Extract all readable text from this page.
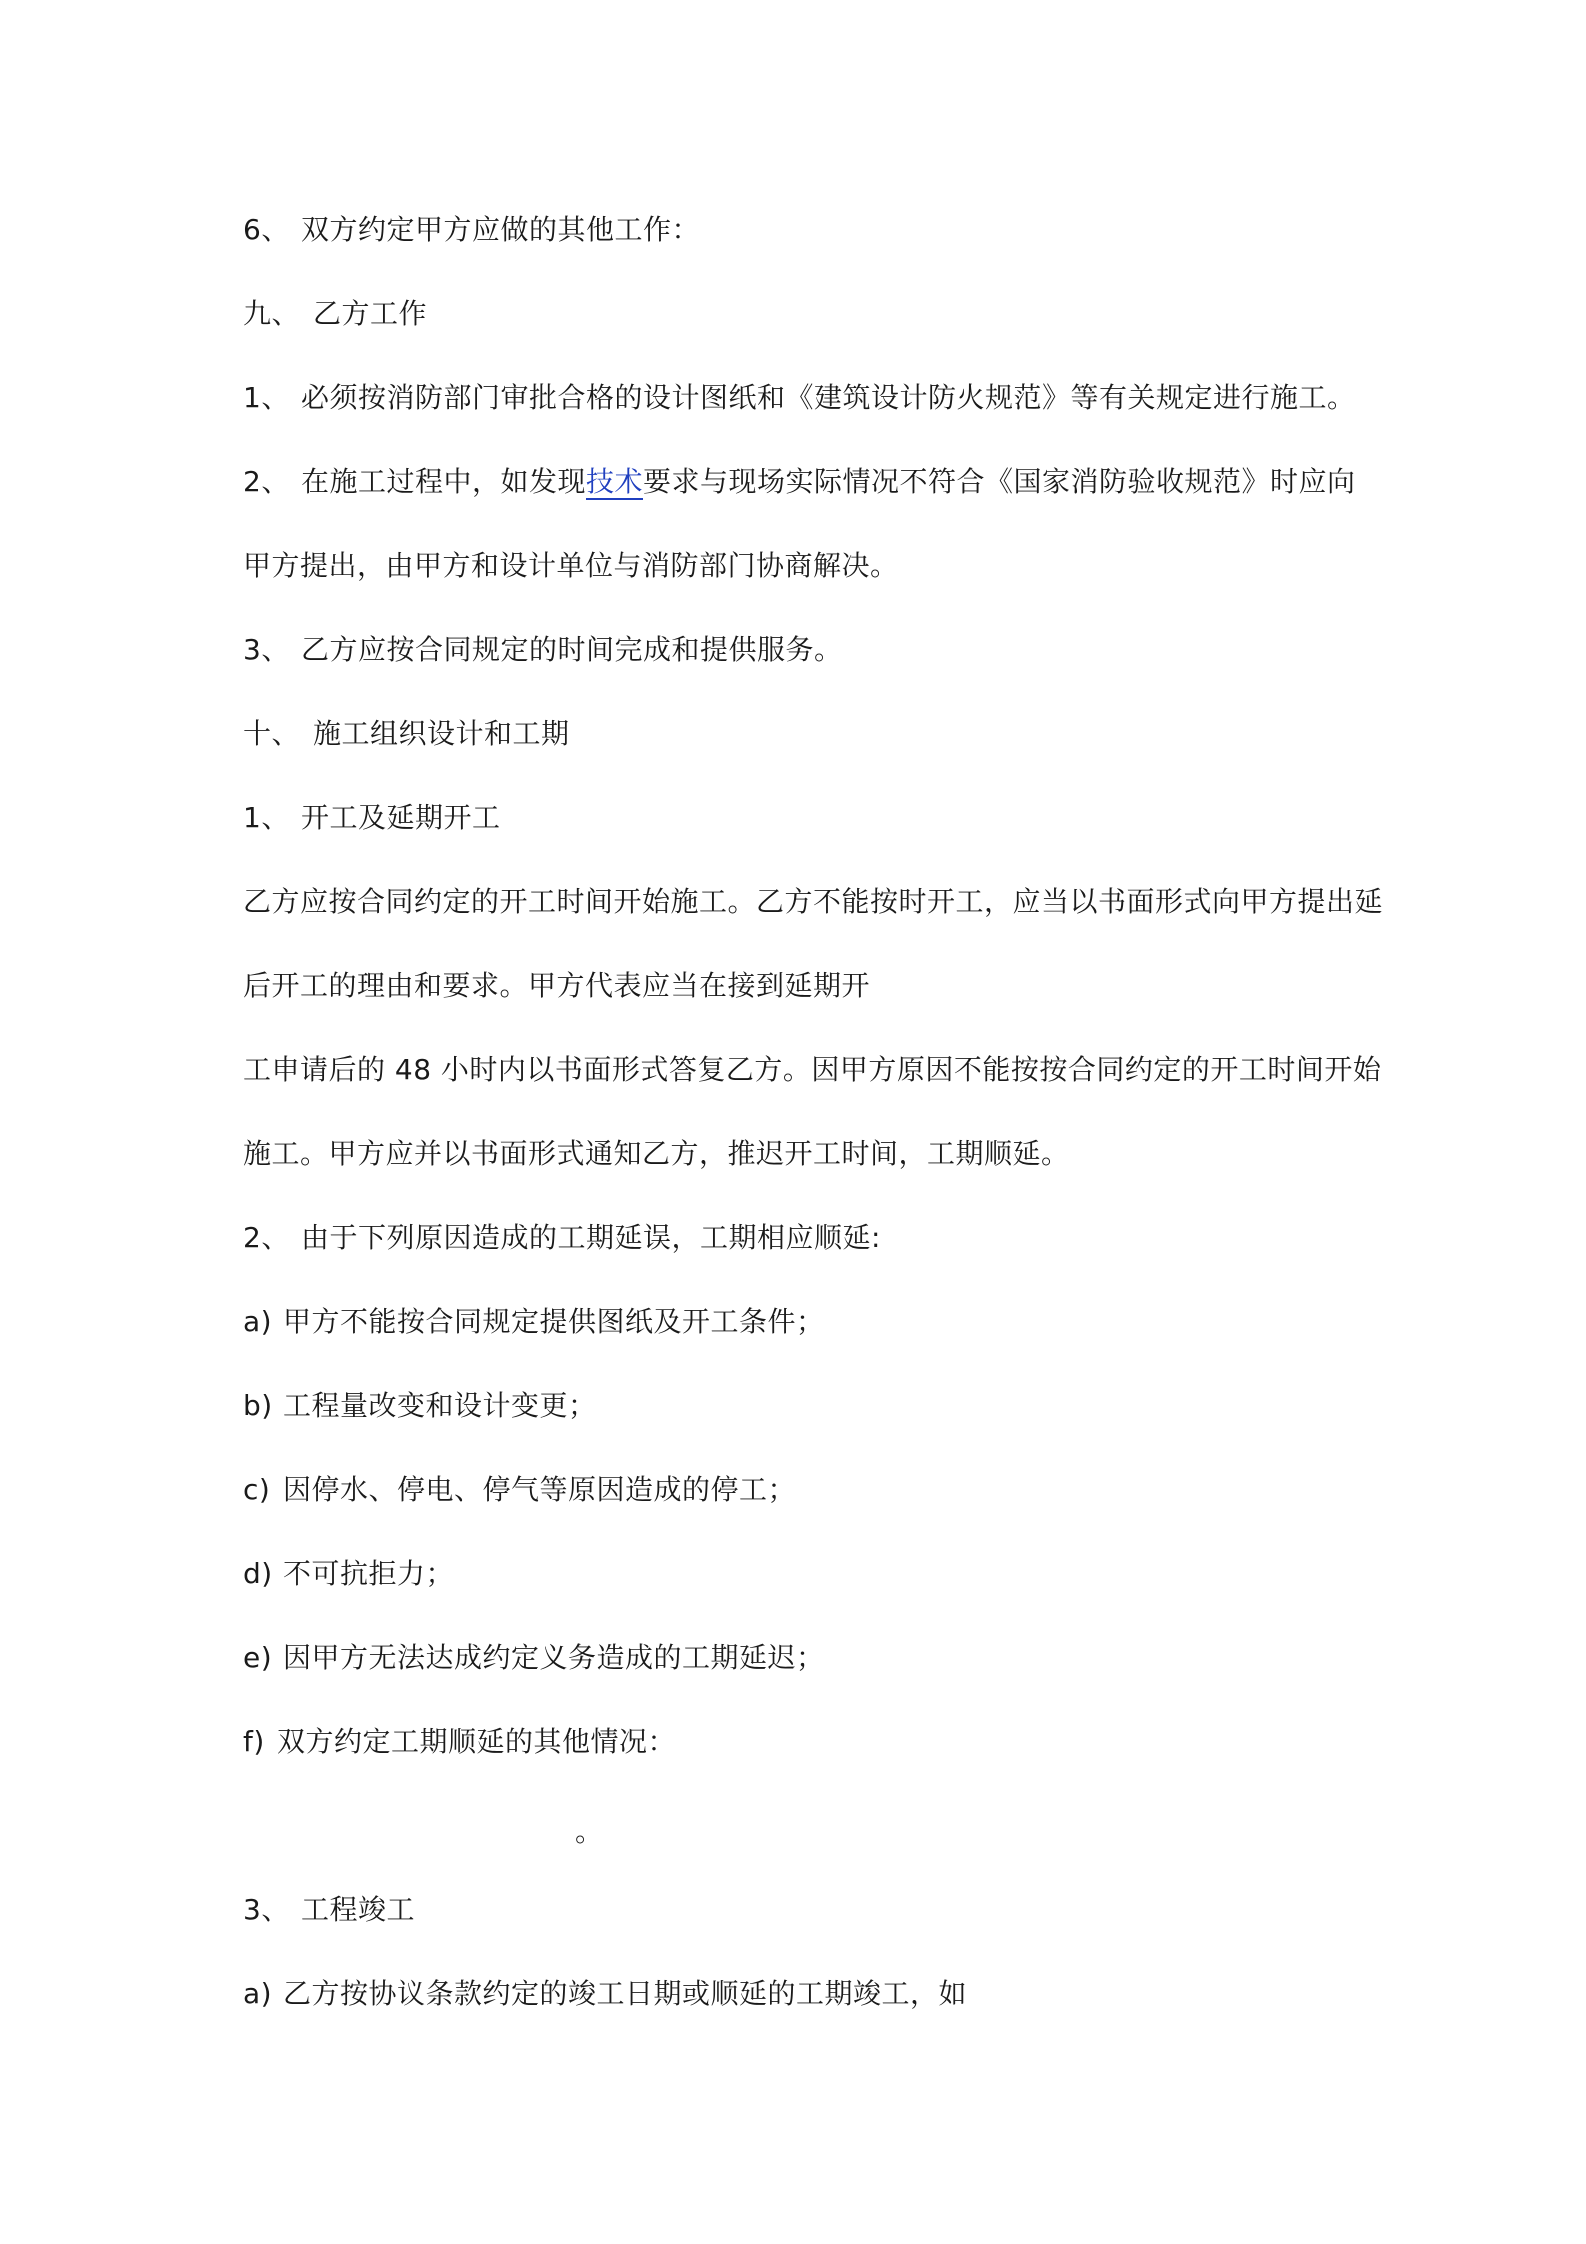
6、 双方约定甲方应做的其他工作：
九、 乙方工作
1、 必须按消防部门审批合格的设计图纸和《建筑设计防火规范》等有关规定进行施工。
2、 在施工过程中，如发现技术要求与现场实际情况不符合《国家消防验收规范》时应向
甲方提出，由甲方和设计单位与消防部门协商解决。
3、 乙方应按合同规定的时间完成和提供服务。
十、 施工组织设计和工期
1、 开工及延期开工
乙方应按合同约定的开工时间开始施工。乙方不能按时开工，应当以书面形式向甲方提出延
后开工的理由和要求。甲方代表应当在接到延期开
工申请后的 48 小时内以书面形式答复乙方。因甲方原因不能按按合同约定的开工时间开始
施工。甲方应并以书面形式通知乙方，推迟开工时间，工期顺延。
2、 由于下列原因造成的工期延误，工期相应顺延:
a) 甲方不能按合同规定提供图纸及开工条件；
b) 工程量改变和设计变更；
c) 因停水、停电、停气等原因造成的停工；
d) 不可抗拒力；
e) 因甲方无法达成约定义务造成的工期延迟；
f) 双方约定工期顺延的其他情况：
。
3、 工程竣工
a) 乙方按协议条款约定的竣工日期或顺延的工期竣工，如
